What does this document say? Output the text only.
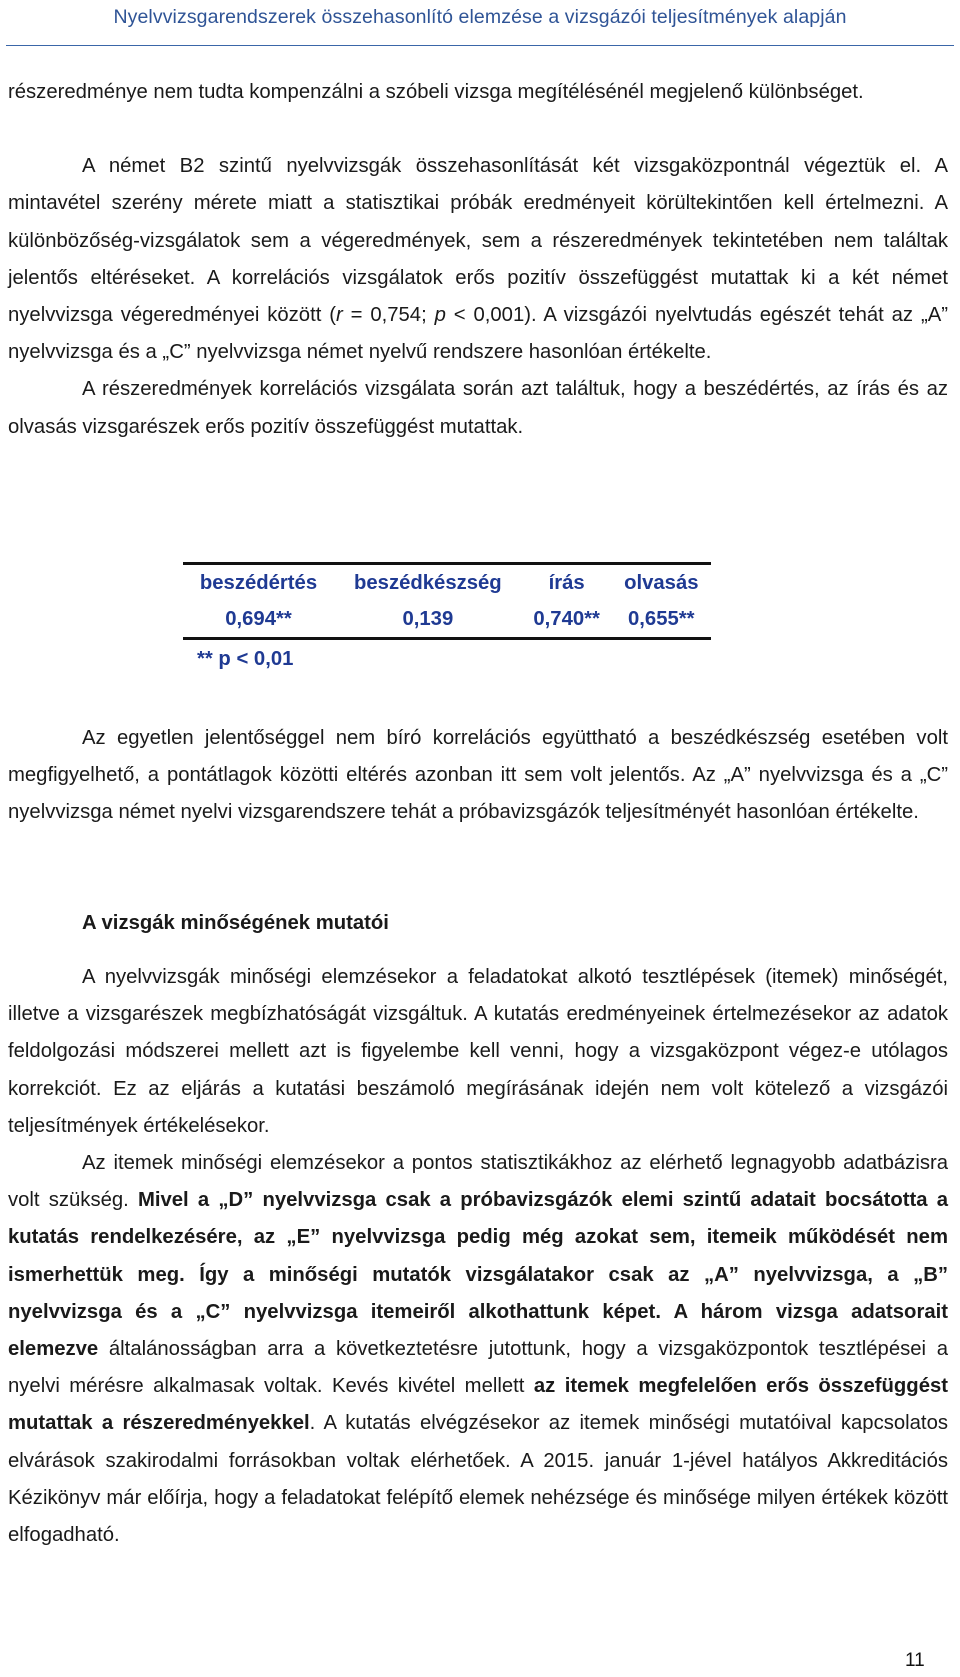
Nyelvvizsgarendszerek összehasonlító elemzése a vizsgázói teljesítmények alapján

részeredménye nem tudta kompenzálni a szóbeli vizsga megítélésénél megjelenő különbséget.

A német B2 szintű nyelvvizsgák összehasonlítását két vizsgaközpontnál végeztük el. A mintavétel szerény mérete miatt a statisztikai próbák eredményeit körültekintően kell értelmezni. A különbözőség-vizsgálatok sem a végeredmények, sem a részeredmények tekintetében nem találtak jelentős eltéréseket. A korrelációs vizsgálatok erős pozitív összefüggést mutattak ki a két német nyelvvizsga végeredményei között (r = 0,754; p < 0,001). A vizsgázói nyelvtudás egészét tehát az „A” nyelvvizsga és a „C” nyelvvizsga német nyelvű rendszere hasonlóan értékelte.

A részeredmények korrelációs vizsgálata során azt találtuk, hogy a beszédértés, az írás és az olvasás vizsgarészek erős pozitív összefüggést mutattak.

beszédértés	beszédkészség	írás	olvasás
0,694**	0,139	0,740**	0,655**
** p < 0,01			

Az egyetlen jelentőséggel nem bíró korrelációs együttható a beszédkészség esetében volt megfigyelhető, a pontátlagok közötti eltérés azonban itt sem volt jelentős. Az „A” nyelvvizsga és a „C” nyelvvizsga német nyelvi vizsgarendszere tehát a próbavizsgázók teljesítményét hasonlóan értékelte.

A vizsgák minőségének mutatói

A nyelvvizsgák minőségi elemzésekor a feladatokat alkotó tesztlépések (itemek) minőségét, illetve a vizsgarészek megbízhatóságát vizsgáltuk. A kutatás eredményeinek értelmezésekor az adatok feldolgozási módszerei mellett azt is figyelembe kell venni, hogy a vizsgaközpont végez-e utólagos korrekciót. Ez az eljárás a kutatási beszámoló megírásának idején nem volt kötelező a vizsgázói teljesítmények értékelésekor.

Az itemek minőségi elemzésekor a pontos statisztikákhoz az elérhető legnagyobb adatbázisra volt szükség. Mivel a „D” nyelvvizsga csak a próbavizsgázók elemi szintű adatait bocsátotta a kutatás rendelkezésére, az „E” nyelvvizsga pedig még azokat sem, itemeik működését nem ismerhettük meg. Így a minőségi mutatók vizsgálatakor csak az „A” nyelvvizsga, a „B” nyelvvizsga és a „C” nyelvvizsga itemeiről alkothattunk képet. A három vizsga adatsorait elemezve általánosságban arra a következtetésre jutottunk, hogy a vizsgaközpontok tesztlépései a nyelvi mérésre alkalmasak voltak. Kevés kivétel mellett az itemek megfelelően erős összefüggést mutattak a részeredményekkel. A kutatás elvégzésekor az itemek minőségi mutatóival kapcsolatos elvárások szakirodalmi forrásokban voltak elérhetőek. A 2015. január 1-jével hatályos Akkreditációs Kézikönyv már előírja, hogy a feladatokat felépítő elemek nehézsége és minősége milyen értékek között elfogadható.

11
